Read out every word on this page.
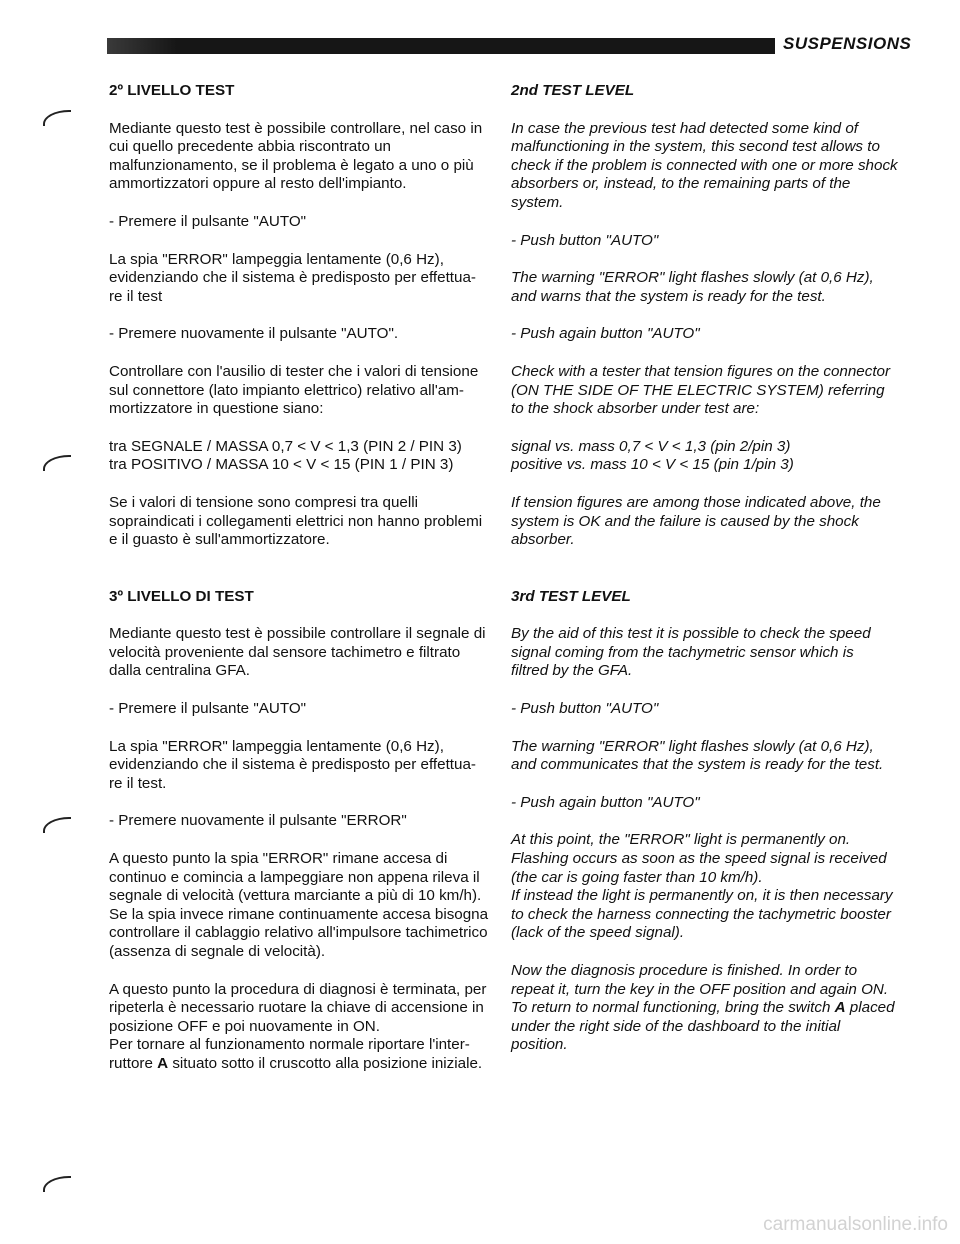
SUSPENSIONS
2º LIVELLO TEST

Mediante questo test è possibile controllare, nel caso in
cui quello precedente abbia riscontrato un
malfunzionamento, se il problema è legato a uno o più
ammortizzatori oppure al resto dell'impianto.

- Premere il pulsante "AUTO"

La spia "ERROR" lampeggia lentamente (0,6 Hz),
evidenziando che il sistema è predisposto per effettua-
re il test

- Premere nuovamente il pulsante "AUTO".

Controllare con l'ausilio di tester che i valori di tensione
sul connettore (lato impianto elettrico) relativo all'am-
mortizzatore in questione siano:

tra SEGNALE / MASSA 0,7 < V < 1,3 (PIN 2 / PIN 3)

tra POSITIVO / MASSA 10 < V < 15 (PIN 1 / PIN 3)

Se i valori di tensione sono compresi tra quelli
sopraindicati i collegamenti elettrici non hanno problemi
e il guasto è sull'ammortizzatore.

3º LIVELLO DI TEST

Mediante questo test è possibile controllare il segnale di
velocità proveniente dal sensore tachimetro e filtrato
dalla centralina GFA.

- Premere il pulsante "AUTO"

La spia "ERROR" lampeggia lentamente (0,6 Hz),
evidenziando che il sistema è predisposto per effettua-
re il test.

- Premere nuovamente il pulsante "ERROR"

A questo punto la spia "ERROR" rimane accesa di
continuo e comincia a lampeggiare non appena rileva il
segnale di velocità (vettura marciante a più di 10 km/h).
Se la spia invece rimane continuamente accesa bisogna
controllare il cablaggio relativo all'impulsore tachimetrico
(assenza di segnale di velocità).

A questo punto la procedura di diagnosi è terminata, per
ripeterla è necessario ruotare la chiave di accensione in
posizione OFF e poi nuovamente in ON.

Per tornare al funzionamento normale riportare l'inter-
ruttore A situato sotto il cruscotto alla posizione iniziale.

2nd TEST LEVEL

In case the previous test had detected some kind of
malfunctioning in the system, this second test allows to
check if the problem is connected with one or more shock
absorbers or, instead, to the remaining parts of the
system.

- Push button "AUTO"

The warning "ERROR" light flashes slowly (at 0,6 Hz),
and warns that the system is ready for the test.

- Push again button "AUTO"

Check with a tester that tension figures on the connector
(ON THE SIDE OF THE ELECTRIC SYSTEM) referring
to the shock absorber under test are:

signal vs. mass 0,7 < V < 1,3 (pin 2/pin 3)

positive vs. mass 10 < V < 15 (pin 1/pin 3)

If tension figures are among those indicated above, the
system is OK and the failure is caused by the shock
absorber.

3rd TEST LEVEL

By the aid of this test it is possible to check the speed
signal coming from the tachymetric sensor which is
filtred by the GFA.

- Push button "AUTO"

The warning "ERROR" light flashes slowly (at 0,6 Hz),
and communicates that the system is ready for the test.

- Push again button "AUTO"

At this point, the "ERROR" light is permanently on.
Flashing occurs as soon as the speed signal is received
(the car is going faster than 10 km/h).
If instead the light is permanently on, it is then necessary
to check the harness connecting the tachymetric booster
(lack of the speed signal).

Now the diagnosis procedure is finished. In order to
repeat it, turn the key in the OFF position and again ON.
To return to normal functioning, bring the switch A placed
under the right side of the dashboard to the initial
position.

carmanualsonline.info
